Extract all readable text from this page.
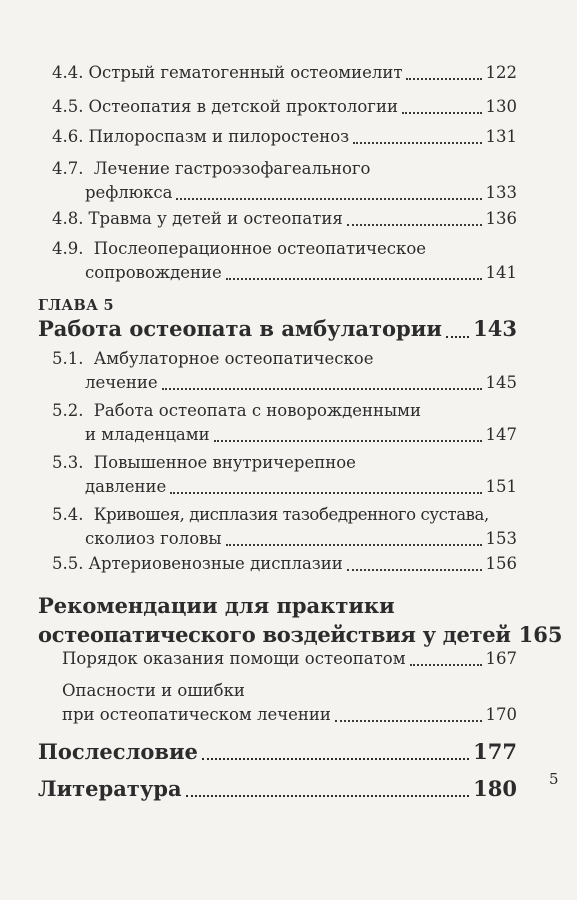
4.4. Острый гематогенный остеомиелит	122
4.5. Остеопатия в детской проктологии	130
4.6. Пилороспазм и пилоростеноз	131
4.7. Лечение гастроэзофагеального
рефлюкса	133
4.8. Травма у детей и остеопатия	136
4.9. Послеоперационное остеопатическое
сопровождение	141
ГЛАВА 5
Работа остеопата в амбулатории 143
5.1. Амбулаторное остеопатическое
лечение	145
5.2. Работа остеопата с новорожденными
и младенцами	147
5.3. Повышенное внутричерепное
давление	151
5.4. Кривошея, дисплазия тазобедренного сустава,
сколиоз головы	153
5.5. Артериовенозные дисплазии	156
Рекомендации для практики
остеопатического воздействия у детей 165
Порядок оказания помощи остеопатом	167
Опасности и ошибки
при остеопатическом лечении	170
Послесловие	177
Литература	180 5
